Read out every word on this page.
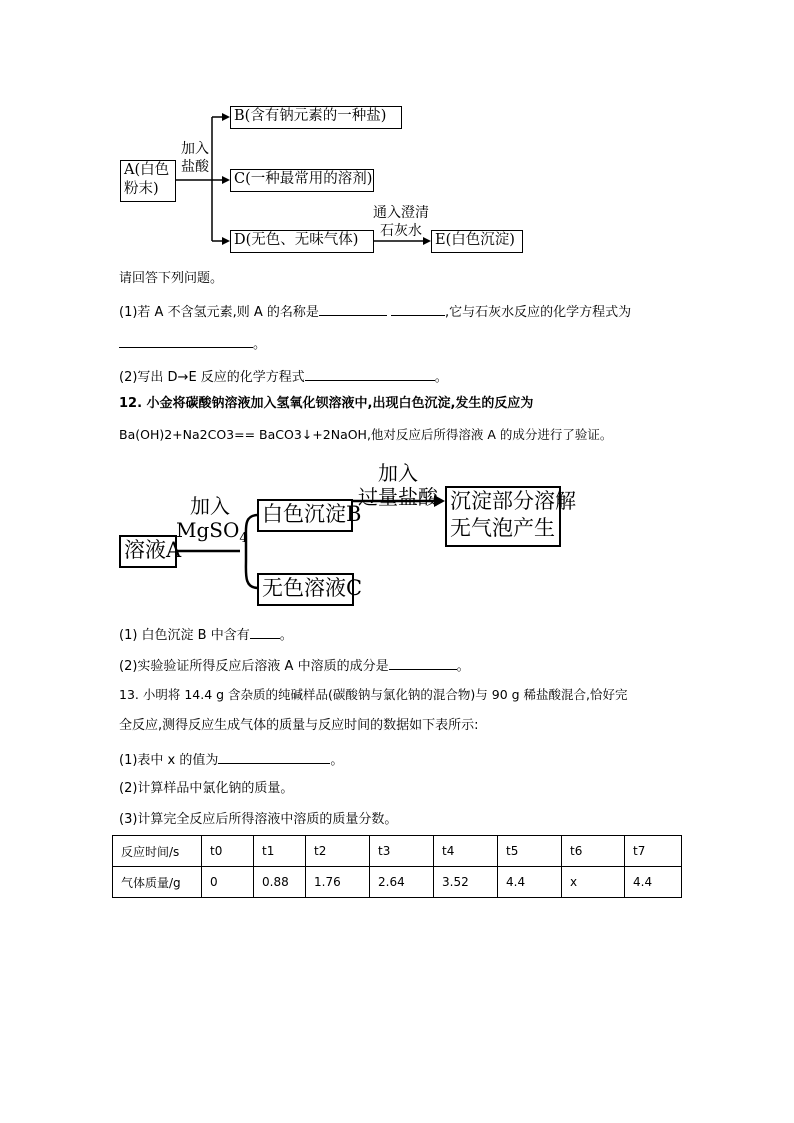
A(白色
粉末)
加入
盐酸
B(含有钠元素的一种盐)
C(一种最常用的溶剂)
D(无色、无味气体)
通入澄清
石灰水
E(白色沉淀)
请回答下列问题。
(1)若 A 不含氢元素,则 A 的名称是	,它与石灰水反应的化学方程式为
。
(2)写出 D→E 反应的化学方程式	。
12. 小金将碳酸钠溶液加入氢氧化钡溶液中,出现白色沉淀,发生的反应为
Ba(OH)2+Na2CO3== BaCO3↓+2NaOH,他对反应后所得溶液 A 的成分进行了验证。
溶液A
加入
MgSO$_4$
白色沉淀B
加入
过量盐酸 沉淀部分溶解
无气泡产生
无色溶液C
(1) 白色沉淀 B 中含有 。
(2)实验验证所得反应后溶液 A 中溶质的成分是	。
13. 小明将 14.4 g 含杂质的纯碱样品(碳酸钠与氯化钠的混合物)与 90 g 稀盐酸混合,恰好完
全反应,测得反应生成气体的质量与反应时间的数据如下表所示:
(1)表中 x 的值为	。
(2)计算样品中氯化钠的质量。
(3)计算完全反应后所得溶液中溶质的质量分数。
反应时间/s	t0	t1	t2	t3	t4	t5	t6	t7
气体质量/g	0	0.88	1.76	2.64	3.52	4.4	x	4.4
